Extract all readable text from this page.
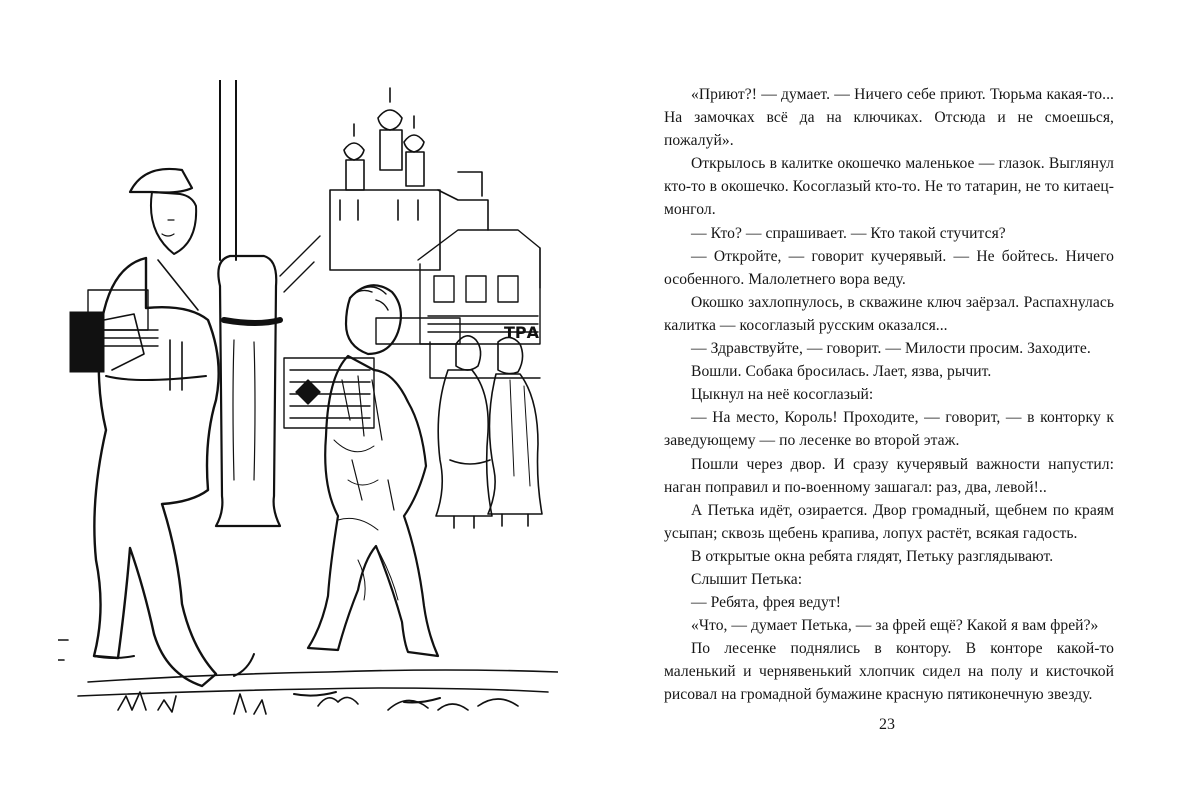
ТРА

«Приют?! — думает. — Ничего себе приют. Тюрьма какая-то... На замочках всё да на ключиках. Отсюда и не смоешься, пожалуй».

Открылось в калитке окошечко маленькое — глазок. Выглянул кто-то в окошечко. Косоглазый кто-то. Не то татарин, не то китаец-монгол.

— Кто? — спрашивает. — Кто такой стучится?

— Откройте, — говорит кучерявый. — Не бойтесь. Ничего особенного. Малолетнего вора веду.

Окошко захлопнулось, в скважине ключ заёрзал. Распахнулась калитка — косоглазый русским оказался...

— Здравствуйте, — говорит. — Милости просим. Заходите.

Вошли. Собака бросилась. Лает, язва, рычит.

Цыкнул на неё косоглазый:

— На место, Король! Проходите, — говорит, — в конторку к заведующему — по лесенке во второй этаж.

Пошли через двор. И сразу кучерявый важности напустил: наган поправил и по-военному зашагал: раз, два, левой!..

А Петька идёт, озирается. Двор громадный, щебнем по краям усыпан; сквозь щебень крапива, лопух растёт, всякая гадость.

В открытые окна ребята глядят, Петьку разглядывают.

Слышит Петька:

— Ребята, фрея ведут!

«Что, — думает Петька, — за фрей ещё? Какой я вам фрей?»

По лесенке поднялись в контору. В конторе какой-то маленький и чернявенький хлопчик сидел на полу и кисточкой рисовал на громадной бумажине красную пятиконечную звезду.

23
